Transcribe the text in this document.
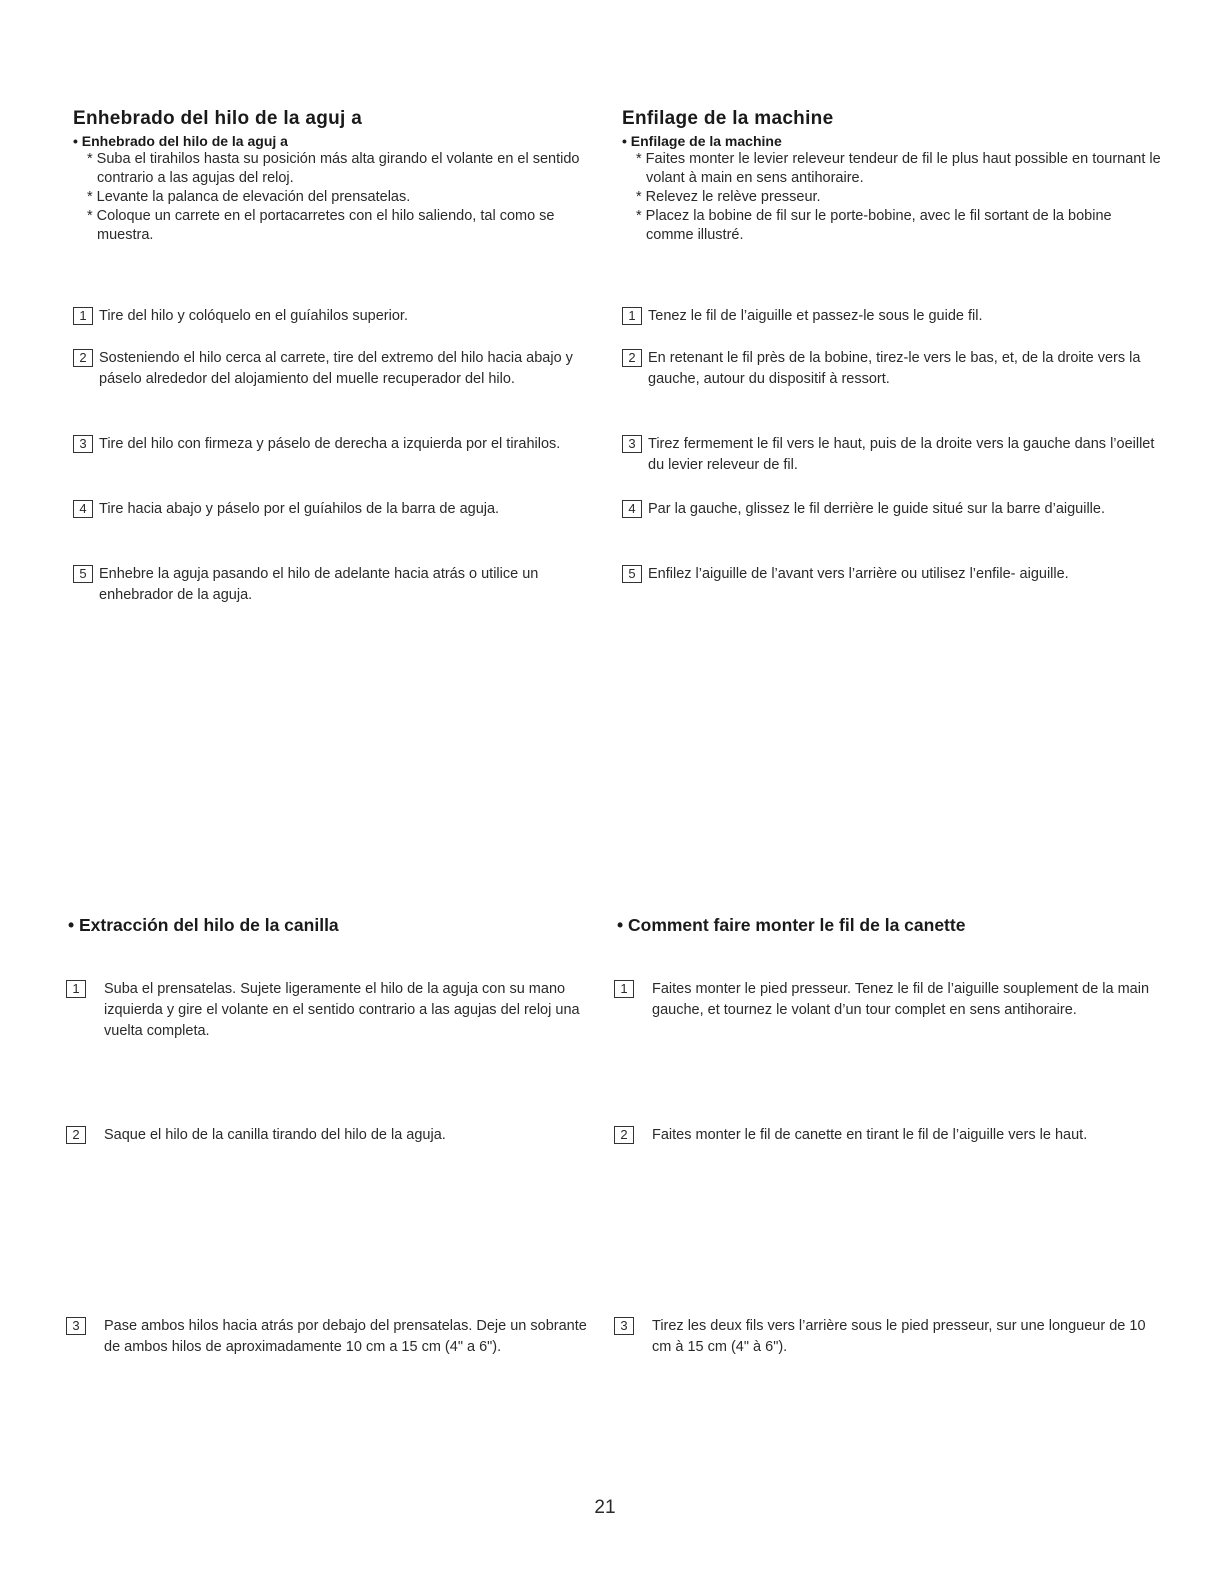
Enhebrado del hilo de la aguj a
• Enhebrado del hilo de la aguj a

* Suba el tirahilos hasta su posición más alta girando el volante en el sentido contrario a las agujas del reloj.

* Levante la palanca de elevación del prensatelas.

* Coloque un carrete en el portacarretes con el hilo saliendo, tal como se muestra.

1 Tire del hilo y colóquelo en el guíahilos superior.
2 Sosteniendo el hilo cerca al carrete, tire del extremo del hilo hacia abajo y páselo alrededor del alojamiento del muelle recuperador del hilo.
3 Tire del hilo con firmeza y páselo de derecha a izquierda por el tirahilos.
4 Tire hacia abajo y páselo por el guíahilos de la barra de aguja.
5 Enhebre la aguja pasando el hilo de adelante hacia atrás o utilice un enhebrador de la aguja.
Enfilage de la machine
• Enfilage de la machine

* Faites monter le levier releveur tendeur de fil le plus haut possible en tournant le volant à main en sens antihoraire.

* Relevez le relève presseur.

* Placez la bobine de fil sur le porte-bobine, avec le fil sortant de la bobine comme illustré.

1 Tenez le fil de l’aiguille et passez-le sous le guide fil.
2 En retenant le fil près de la bobine, tirez-le vers le bas, et, de la droite vers la gauche, autour du dispositif à ressort.
3 Tirez fermement le fil vers le haut, puis de la droite vers la gauche dans l’oeillet du levier releveur de fil.
4 Par la gauche, glissez le fil derrière le guide situé sur la barre d’aiguille.
5 Enfilez l’aiguille de l’avant vers l’arrière ou utilisez l’enfile- aiguille.
• Extracción del hilo de la canilla
1	Suba el prensatelas. Sujete ligeramente el hilo de la aguja con su mano izquierda y gire el volante en el sentido contrario a las agujas del reloj una vuelta completa.
2	Saque el hilo de la canilla tirando del hilo de la aguja.
3	Pase ambos hilos hacia atrás por debajo del prensatelas. Deje un sobrante de ambos hilos de aproximadamente 10 cm a 15 cm (4" a 6").
• Comment faire monter le fil de la canette
1	Faites monter le pied presseur. Tenez le fil de l’aiguille souplement de la main gauche, et tournez le volant d’un tour complet en sens antihoraire.
2	Faites monter le fil de canette en tirant le fil de l’aiguille vers le haut.
3	Tirez les deux fils vers l’arrière sous le pied presseur, sur une longueur de 10 cm à 15 cm (4" à 6").
21
